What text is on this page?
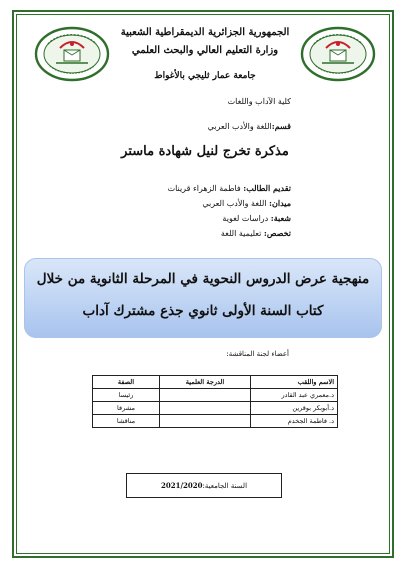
الجمهورية الجزائرية الديمقراطية الشعبية
وزارة التعليم العالي والبحث العلمي
جامعة عمار ثليجي بالأغواط
كلية الآداب واللغات
قسم:اللغة والأدب العربي
مذكرة تخرج لنيل شهادة ماستر
تقديم الطالب: فاطمة الزهراء قرينات
ميدان: اللغة والأدب العربي
شعبة: دراسات لغوية
تخصص: تعليمية اللغة
منهجية عرض الدروس النحوية في المرحلة الثانوية من خلال
كتاب السنة الأولى ثانوي جذع مشترك آداب
أعضاء لجنة المناقشة:
الاسم واللقب	الدرجة العلمية	الصفة
د.معمري عبد القادر		رئيسا
د.أبوبكر بوقرين		مشرفا
د. فاطمة الجخدم		مناقشا
السنة الجامعية:2021/2020
